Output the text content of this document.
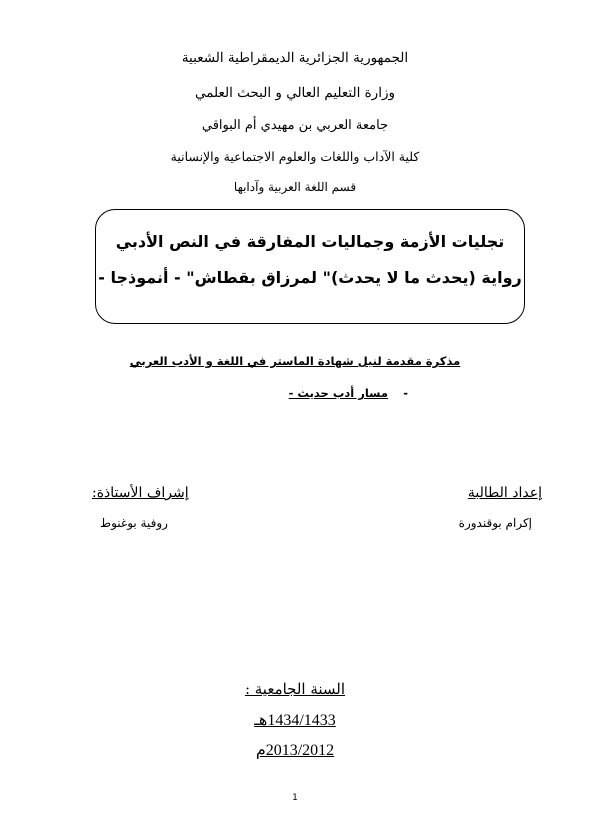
الجمهورية الجزائرية الديمقراطية الشعبية
وزارة التعليم العالي و البحث العلمي
جامعة العربي بن مهيدي أم البواقي
كلية الآداب واللغات والعلوم الاجتماعية والإنسانية
قسم اللغة العربية وآدابها
تجليات الأزمة وجماليات المفارقة في النص الأدبي
رواية (يحدث ما لا يحدث)" لمرزاق بقطاش" - أنموذجا -
مذكرة مقدمة لنيل شهادة الماستر في اللغة و الأدب العربي
-
مسار أدب حديث -
إعداد الطالبة
إكرام بوقندورة
إشراف الأستاذة:
روفية بوغنوط
السنة الجامعية :
1434/1433هـ
2013/2012م
1
